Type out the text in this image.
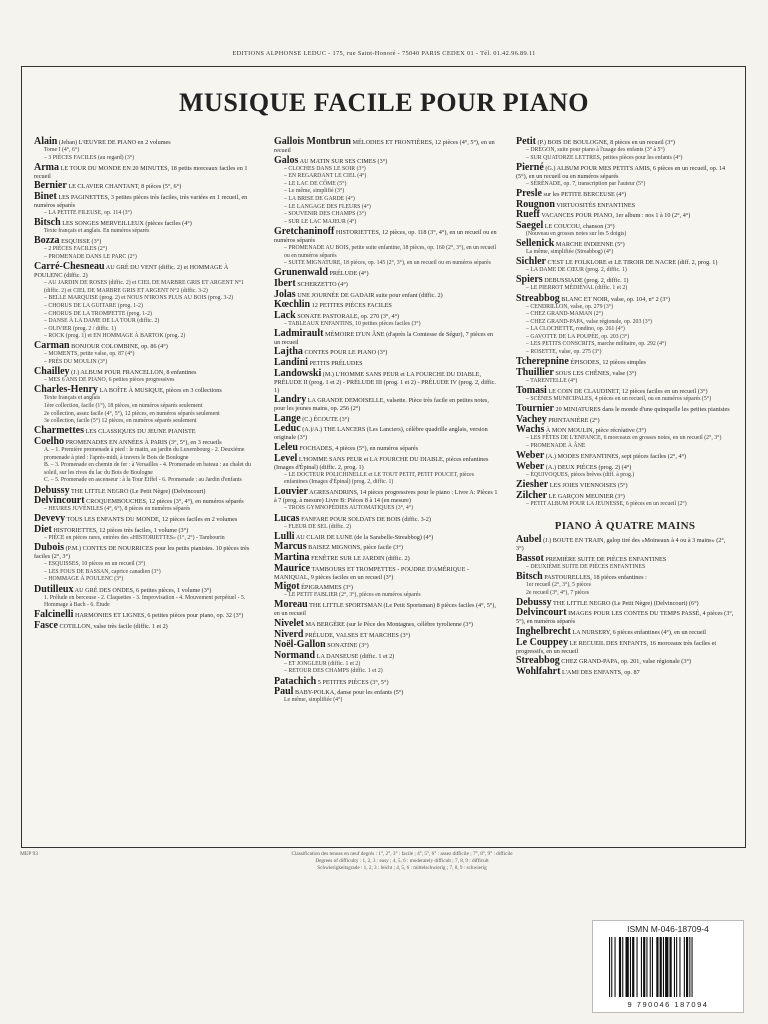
EDITIONS ALPHONSE LEDUC - 175, rue Saint-Honoré - 75040 PARIS CEDEX 01 - Tél. 01.42.96.89.11
MUSIQUE FACILE POUR PIANO
Alain (Jehan) L'ŒUVRE DE PIANO en 2 volumes
Tome I (4°, 6°)
– 3 PIÈCES FACILES (au regard) (3°)
Arma LE TOUR DU MONDE EN 20 MINUTES, 18 petits morceaux faciles en 1 recueil
Bernier LE CLAVIER CHANTANT, 8 pièces (5°, 6°)
Binet LES PAGINETTES, 3 petites pièces très faciles, très variées en 1 recueil, en numéros séparés
– LA PETITE FILEUSE, op. 114 (3°)
Bitsch LES SONGES MERVEILLEUX (pièces faciles (4°)
Texte français et anglais. En numéros séparés
Bozza ESQUISSE (3°)
– 2 PIÈCES FACILES (2°)
– PROMENADE DANS LE PARC (2°)
Carré-Chesneau AU GRÉ DU VENT (diffic. 2) et HOMMAGE À POULENC (diffic. 2)
– AU JARDIN DE ROSES (diffic. 2) et CIEL DE MARBRE GRIS ET ARGENT N°1 (diffic. 2) et CIEL DE MARBRE GRIS ET ARGENT N°2 (diffic. 3-2)
– BELLE MARQUISE (prog. 2) et NOUS N'IRONS PLUS AU BOIS (prog. 3-2)
– CHORUS DE LA GUITARE (prog. 1-2)
– CHORUS DE LA TROMPETTE (prog. 1-2)
– DANSE À LA DAME DE LA TOUR (diffic. 2)
– OLIVIER (prog. 2 / diffic. 1)
– ROCK (prog. 1) et EN HOMMAGE À BARTOK (prog. 2)
Carman BONJOUR COLOMBINE, op. 86 (4°)
– MOMENTS, petite valse, op. 87 (4°)
– PRÈS DU MOULIN (3°)
Chailley (J.) ALBUM POUR FRANCELLON, 8 enfantines
– MES 6 ANS DE PIANO, 6 petites pièces progressives
Charles-Henry LA BOÎTE À MUSIQUE, pièces en 3 collections
Texte français et anglais
1ère collection, facile (1°), 18 pièces, en numéros séparés seulement
2e collection, assez facile (4°, 5°), 12 pièces, en numéros séparés seulement
3e collection, facile (5°) 12 pièces, en numéros séparés seulement
Charmettes LES CLASSIQUES DU JEUNE PIANISTE
Coelho PROMENADES EN ANNÉES À PARIS (3°, 5°), en 3 recueils
A. – 1. Première promenade à pied : le matin, au jardin du Luxembourg - 2. Deuxième promenade à pied : l'après-midi, à travers le Bois de Boulogne
B. – 3. Promenade en chemin de fer : à Versailles - 4. Promenade en bateau : au chalet du soleil, sur les rives du lac du Bois de Boulogne
C. – 5. Promenade en ascenseur : à la Tour Eiffel - 6. Promenade : au Jardin d'enfants
Debussy THE LITTLE NEGRO (Le Petit Nègre) (Delvincourt)
Delvincourt CROQUEMBOUCHES, 12 pièces (3°, 4°), en numéros séparés
– HEURES JUVÉNILES (4°, 6°), 8 pièces en numéros séparés
Devevy TOUS LES ENFANTS DU MONDE, 12 pièces faciles en 2 volumes
Diet HISTORIETTES, 12 pièces très faciles, 1 volume (3°)
– PIÈCE en pièces rares, entrées des «HISTORIETTES» (1°, 2°) - Tambourin
Dubois (P.M.) CONTES DE NOURRICES pour les petits pianistes. 10 pièces très faciles (2°, 3°)
– ESQUISSES, 10 pièces en un recueil (3°)
– LES FOUS DE BASSAN, caprice canadien (3°)
– HOMMAGE À POULENC (3°)
Dutilleux AU GRÉ DES ONDES, 6 petites pièces, 1 volume (3°)
1. Prélude en berceuse - 2. Claquettes - 3. Improvisation - 4. Mouvement perpétuel - 5. Hommage à Bach - 6. Étude
Falcinelli HARMONIES ET LIGNES, 6 petites pièces pour piano, op. 32 (3°)
Fasce COTILLON, valse très facile (diffic. 1 et 2)
Gallois Montbrun MÉLODIES ET FRONTIÈRES, 12 pièces (4°, 5°), en un recueil
Galos AU MATIN SUR SES CIMES (3°)
– CLOCHES DANS LE SOIR (3°)
– EN REGARDANT LE CIEL (4°)
– LE LAC DE CÔME (5°)
– Le même, simplifié (3°)
– LA BRISE DE GARDE (4°)
– LE LANGAGE DES FLEURS (4°)
– SOUVENIR DES CHAMPS (3°)
– SUR LE LAC MAJEUR (4°)
Gretchaninoff HISTORIETTES, 12 pièces, op. 118 (3°, 4°), en un recueil ou en numéros séparés
– PROMENADE AU BOIS, petite suite enfantine, 18 pièces, op. 160 (2°, 3°), en un recueil ou en numéros séparés
– SUITE MIGNATURE, 18 pièces, op. 145 (2°, 3°), en un recueil ou en numéros séparés
Grunenwald PRÉLUDE (4°)
Ibert SCHERZETTO (4°)
Jolas UNE JOURNÉE DE GADAIR suite pour enfant (diffic. 2)
Kœchlin 12 PETITES PIÈCES FACILES
Lack SONATE PASTORALE, op. 270 (3°, 4°)
– TABLEAUX ENFANTINS, 10 petites pièces faciles (3°)
Ladmirault MÉMOIRE D'UN ÂNE (d'après la Comtesse de Ségur), 7 pièces en un recueil
Lajtha CONTES POUR LE PIANO (3°)
Landini PETITS PRÉLUDES
Landowski (M.) L'HOMME SANS PEUR et LA FOURCHE DU DIABLE, PRÉLUDE II (prog. 1 et 2) - PRÉLUDE III (prog. 1 et 2) - PRÉLUDE IV (prog. 2, diffic. 1)
Landry LA GRANDE DEMOISELLE, valsette. Pièce très facile en petites notes, pour les jeunes mains, op. 256 (2°)
Lange (C.) ÉCOUTE (3°)
Leduc (A.)/A.) THE LANCERS (Les Lanciers), célèbre quadrille anglais, version originale (3°)
Leleu FOCHADES, 4 pièces (5°), en numéros séparés
Level L'HOMME SANS PEUR et LA FOURCHE DU DIABLE, pièces enfantines (Images d'Épinal) (diffic. 2, prog. 1)
– LE DOCTEUR POLICHINELLE et LE TOUT PETIT, PETIT POUCET, pièces enfantines (Images d'Épinal) (prog. 2, diffic. 1)
Louvier AGRESANDRINS, 14 pièces progressives pour le piano : Livre A: Pièces 1 à 7 (prog. à mesure) Livre B: Pièces 8 à 14 (en mesure)
– TROIS GYMNOPÉDIES AUTOMATIQUES (3°, 4°)
Lucas FANFARE POUR SOLDATS DE BOIS (diffic. 3-2)
– FLEUR DE SEL (diffic. 2)
Lulli AU CLAIR DE LUNE (de la Sarabelle-Streabbog) (4°)
Marcus BAISEZ MIGNONS, pièce facile (3°)
Martina FENÊTRE SUR LE JARDIN (diffic. 2)
Maurice TAMBOURS ET TROMPETTES - POUDRE D'AMÉRIQUE - MANIQUAL, 9 pièces faciles en un recueil (3°)
Migot ÉPIGRAMMES (3°)
– LE PETIT FABLIER (2°, 3°), pièces en numéros séparés
Moreau THE LITTLE SPORTSMAN (Le Petit Sportsman) 8 pièces faciles (4°, 5°), en un recueil
Nivelet MA BERGÈRE (sur le Pèce des Montagnes, célèbre tyrolienne (3°)
Niverd PRÉLUDE, VALSES ET MARCHES (3°)
Noël-Gallon SONATINE (3°)
Normand LA DANSEUSE (diffic. 1 et 2)
– ET JONGLEUR (diffic. 1 et 2)
– RETOUR DES CHAMPS (diffic. 1 et 2)
Patachich 5 PETITES PIÈCES (3°, 5°)
Paul BABY-POLKA, danse pour les enfants (5°)
Le même, simplifiée (4°)
Petit (P.) BOIS DE BOULOGNE, 8 pièces en un recueil (3°)
– DRÉGON, suite pour piano à l'usage des enfants (3° à 5°)
– SUR QUATORZE LETTRES, petites pièces pour les enfants (4°)
Pierné (G.) ALBUM POUR MES PETITS AMIS, 6 pièces en un recueil, op. 14 (5°), en un recueil ou en numéros séparés
– SÉRÉNADE, op. 7, transcription par l'auteur (5°)
Presle sur les PETITE BERCEUSE (4°)
Rougnon VIRTUOSITÉS ENFANTINES
Rueff VACANCES POUR PIANO, 1er album : nos 1 à 10 (2°, 4°)
Saegel LE COUCOU, chanson (3°)
(Nouveau en grosses notes sur les 5 doigts)
Sellenick MARCHE INDIENNE (5°)
La même, simplifiée (Streabbog) (4°)
Sichler C'EST LE FOLKLORE et LE TIROIR DE NACRE (diff. 2, prog. 1)
– LA DAME DE CŒUR (prog. 2, diffic. 1)
Spiers DEBUSSIADE (prog. 2, diffic. 1)
– LE PIERROT MÉDIÉVAL (diffic. 1 et 2)
Streabbog BLANC ET NOIR, valse, op. 104, n° 2 (3°)
– CENDRILLON, valse, op. 279 (3°)
– CHEZ GRAND-MAMAN (2°)
– CHEZ GRAND-PAPA, valse régionale, op. 203 (3°)
– LA CLOCHETTE, rondino, op. 261 (4°)
– GAVOTTE DE LA POUPÉE, op. 203 (3°)
– LES PETITS CONSCRITS, marche militaire, op. 292 (4°)
– ROSETTE, valse, op. 275 (3°)
Tcherepnine ÉPISODES, 12 pièces simples
Thuillier SOUS LES CHÊNES, valse (3°)
– TARENTELLE (4°)
Tomasi LE COIN DE CLAUDINET, 12 pièces faciles en un recueil (3°)
– SCÈNES MUNICIPALES, 4 pièces en un recueil, ou en numéros séparés (5°)
Tournier 20 MINIATURES dans le monde d'une quinquelle les petites pianistes
Vachey PRINTANIÈRE (2°)
Wachs À MON MOULIN, pièce récréative (3°)
– LES FÊTES DE L'ENFANCE, 6 morceaux en grosses notes, en un recueil (2°, 3°)
– PROMENADE À ÂNE
Weber (A.) MODES ENFANTINES, sept pièces faciles (2°, 4°)
Weber (A.) DEUX PIÈCES (prog. 2) (4°)
– ÉQUIVOQUES, pièces brèves (diff. à prog.)
Ziesher LES JOIES VIENNOISES (5°)
Zilcher LE GARÇON MEUNIER (3°)
– PETIT ALBUM POUR LA JEUNESSE, 6 pièces en un recueil (2°)
PIANO À QUATRE MAINS
Aubel (J.) BOUTE EN TRAIN, galop tiré des «Moineaux à 4 ou à 3 mains» (2°, 3°)
Bassot PREMIÈRE SUITE DE PIÈCES ENFANTINES
– DEUXIÈME SUITE DE PIÈCES ENFANTINES
Bitsch PASTOURELLES, 18 pièces enfantines :
1er recueil (2°, 3°), 5 pièces
2e recueil (3°, 4°), 7 pièces
Debussy THE LITTLE NEGRO (Le Petit Nègre) (Delvincourt) (6°)
Delvincourt IMAGES POUR LES CONTES DU TEMPS PASSÉ, 4 pièces (3°, 5°), en numéros séparés
Inghelbrecht LA NURSERY, 6 pièces enfantines (4°), en un recueil
Le Couppey LE RECUEIL DES ENFANTS, 16 morceaux très faciles et progressifs, en un recueil
Streabbog CHEZ GRAND-PAPA, op. 201, valse régionale (3°)
Wohlfahrt L'AMI DES ENFANTS, op. 87
MEP 93	Classification des tenues en neuf degrés : 1°, 2°, 3° : facile ; 4°, 5°, 6° : assez difficile ; 7°, 8°, 9° : difficile
Degrees of difficulty : 1, 2, 3 : easy ; 4, 5, 6 : moderately difficult ; 7, 8, 9 : difficult
Schwierigkeitsgrade : 1, 2, 3 : leicht ; 4, 5, 6 : mittelschwierig ; 7, 8, 9 : schwierig
ISMN M-046-18709-4
9 790046 187094
